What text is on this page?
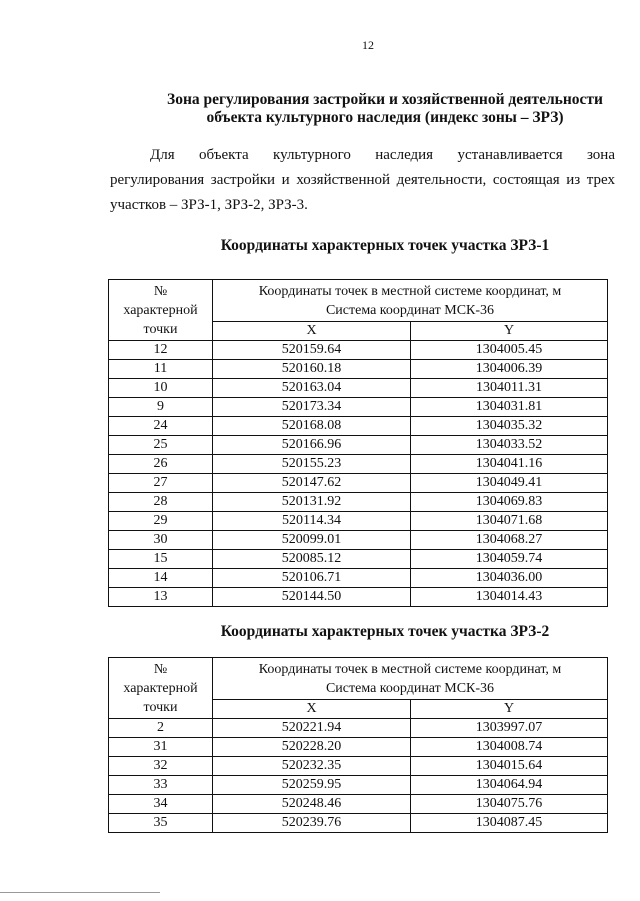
12
Зона регулирования застройки и хозяйственной деятельности
объекта культурного наследия (индекс зоны – ЗРЗ)
Для объекта культурного наследия устанавливается зона
регулирования застройки и хозяйственной деятельности, состоящая из трех
участков – ЗРЗ-1, ЗРЗ-2, ЗРЗ-3.
Координаты характерных точек участка ЗРЗ-1
№
характерной
точки	Координаты точек в местной системе координат, м
Система координат МСК-36	

	X	Y
12	520159.64	1304005.45
11	520160.18	1304006.39
10	520163.04	1304011.31
9	520173.34	1304031.81
24	520168.08	1304035.32
25	520166.96	1304033.52
26	520155.23	1304041.16
27	520147.62	1304049.41
28	520131.92	1304069.83
29	520114.34	1304071.68
30	520099.01	1304068.27
15	520085.12	1304059.74
14	520106.71	1304036.00
13	520144.50	1304014.43
Координаты характерных точек участка ЗРЗ-2
№
характерной
точки	Координаты точек в местной системе координат, м
Система координат МСК-36	

	X	Y
2	520221.94	1303997.07
31	520228.20	1304008.74
32	520232.35	1304015.64
33	520259.95	1304064.94
34	520248.46	1304075.76
35	520239.76	1304087.45
